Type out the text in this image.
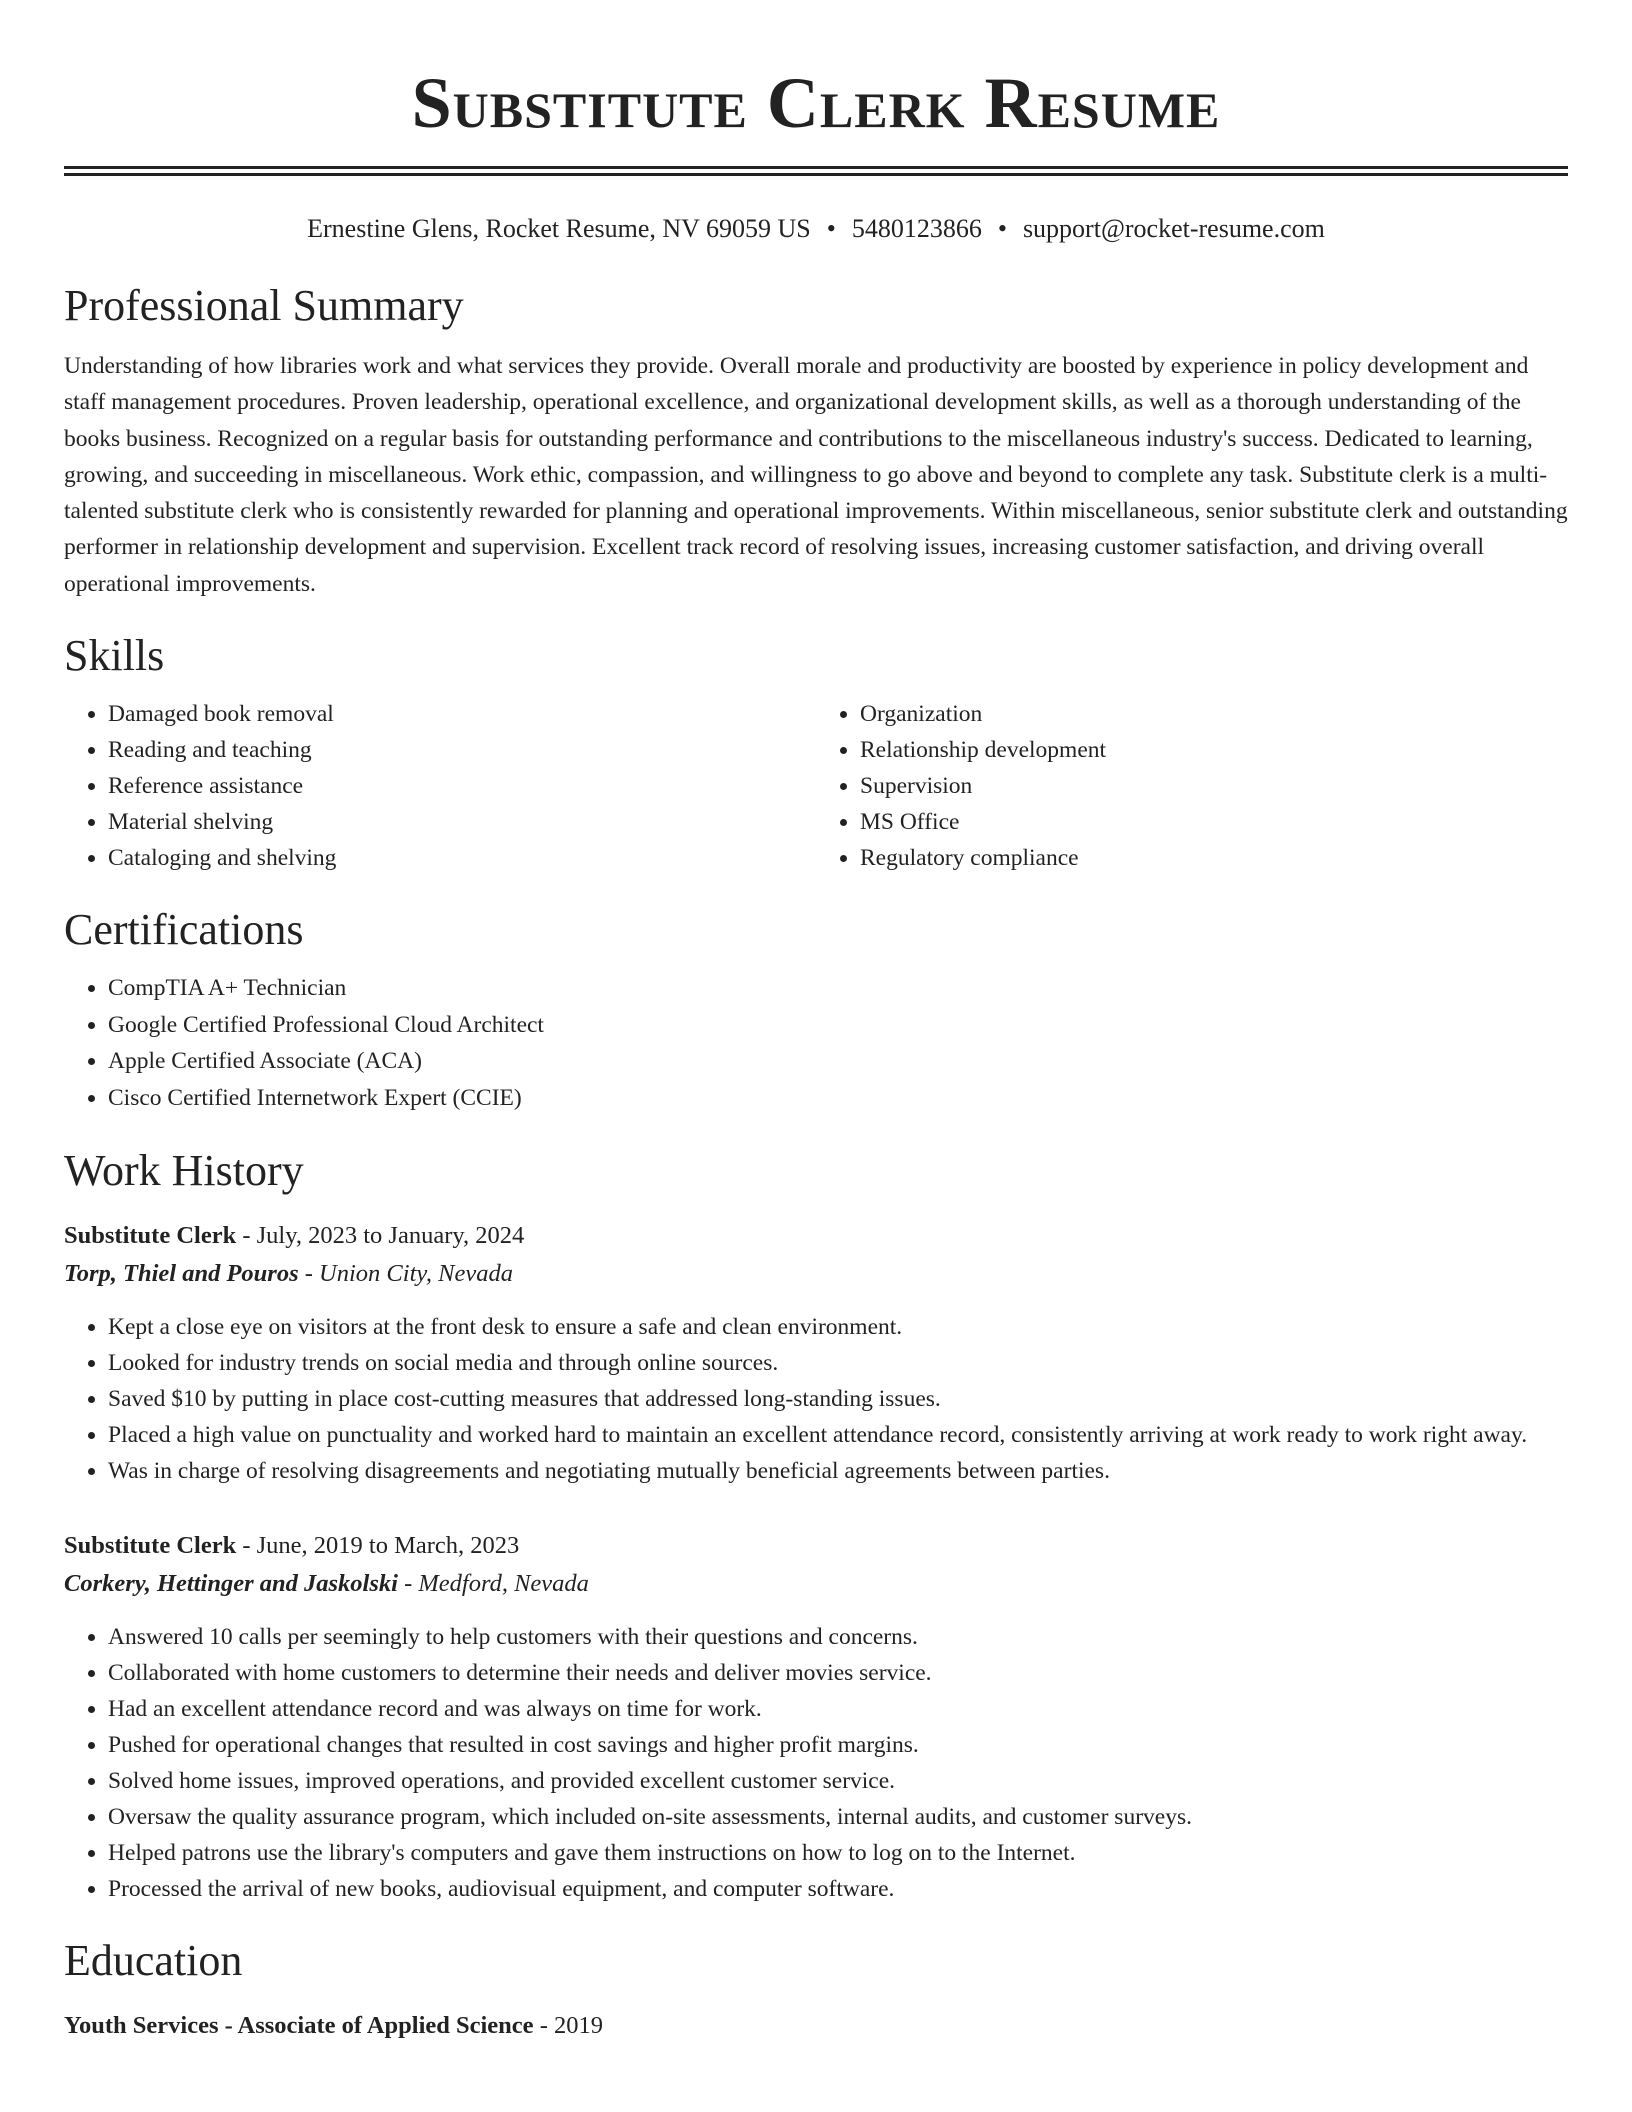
Substitute Clerk Resume
Ernestine Glens, Rocket Resume, NV 69059 US • 5480123866 • support@rocket-resume.com
Professional Summary

Understanding of how libraries work and what services they provide. Overall morale and productivity are boosted by experience in policy development and staff management procedures. Proven leadership, operational excellence, and organizational development skills, as well as a thorough understanding of the books business. Recognized on a regular basis for outstanding performance and contributions to the miscellaneous industry's success. Dedicated to learning, growing, and succeeding in miscellaneous. Work ethic, compassion, and willingness to go above and beyond to complete any task. Substitute clerk is a multi-talented substitute clerk who is consistently rewarded for planning and operational improvements. Within miscellaneous, senior substitute clerk and outstanding performer in relationship development and supervision. Excellent track record of resolving issues, increasing customer satisfaction, and driving overall operational improvements.

Skills
• Damaged book removal
• Reading and teaching
• Reference assistance
• Material shelving
• Cataloging and shelving
• Organization
• Relationship development
• Supervision
• MS Office
• Regulatory compliance
Certifications
• CompTIA A+ Technician
• Google Certified Professional Cloud Architect
• Apple Certified Associate (ACA)
• Cisco Certified Internetwork Expert (CCIE)
Work History
Substitute Clerk - July, 2023 to January, 2024
Torp, Thiel and Pouros - Union City, Nevada
• Kept a close eye on visitors at the front desk to ensure a safe and clean environment.
• Looked for industry trends on social media and through online sources.
• Saved $10 by putting in place cost-cutting measures that addressed long-standing issues.
• Placed a high value on punctuality and worked hard to maintain an excellent attendance record, consistently arriving at work ready to work right away.
• Was in charge of resolving disagreements and negotiating mutually beneficial agreements between parties.
Substitute Clerk - June, 2019 to March, 2023
Corkery, Hettinger and Jaskolski - Medford, Nevada
• Answered 10 calls per seemingly to help customers with their questions and concerns.
• Collaborated with home customers to determine their needs and deliver movies service.
• Had an excellent attendance record and was always on time for work.
• Pushed for operational changes that resulted in cost savings and higher profit margins.
• Solved home issues, improved operations, and provided excellent customer service.
• Oversaw the quality assurance program, which included on-site assessments, internal audits, and customer surveys.
• Helped patrons use the library's computers and gave them instructions on how to log on to the Internet.
• Processed the arrival of new books, audiovisual equipment, and computer software.
Education
Youth Services - Associate of Applied Science - 2019
